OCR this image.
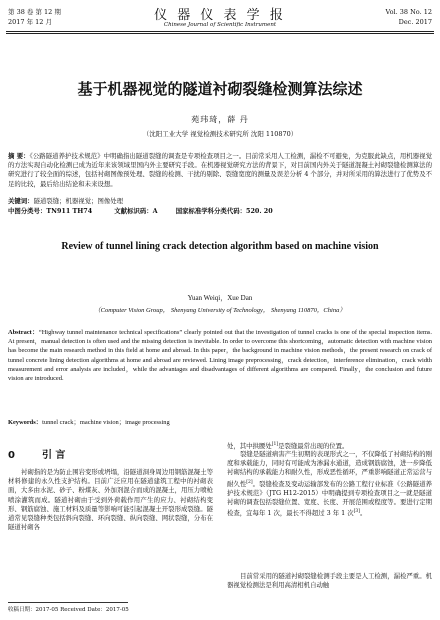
第 38 卷 第 12 期
2017 年 12 月	仪 器 仪 表 学 报
Chinese Journal of Scientific Instrument
Vol. 38 No. 12
Dec. 2017
基于机器视觉的隧道衬砌裂缝检测算法综述
苑玮琦，薛 丹
（沈阳工业大学 视觉检测技术研究所 沈阳 110870）
摘 要：《公路隧道养护技术规范》中明确指出隧道裂缝的调查是专项检查项目之一。目前常采用人工检测，漏检不可避免，为克服此缺点，用机器视觉的方法实现自动化检测已成为近年来该领域里国内外主要研究手段。在机器视觉研究方法的背景下，对目前国内外关于隧道混凝土衬砌裂缝检测算法的研究进行了较全面的综述，包括衬砌图像预处理、裂缝的检测、干扰的剔除、裂缝宽度的测量及误差分析 4 个部分，并对所采用的算法进行了优势及不足的比较，最后给出结论和未来设想。
关键词：隧道裂缝；机器视觉；图像处理
中图分类号：TN911 TH74	文献标识码：A	国家标准学科分类代码：520. 20
Review of tunnel lining crack detection algorithm based on machine vision
Yuan Weiqi，Xue Dan
（Computer Vision Group， Shenyang University of Technology， Shenyang 110870，China）
Abstract：“Highway tunnel maintenance technical specifications” clearly pointed out that the investigation of tunnel cracks is one of the special inspection items. At present，manual detection is often used and the missing detection is inevitable. In order to overcome this shortcoming，automatic detection with machine vision has become the main research method in this field at home and abroad. In this paper，the background in machine vision methods，the present research on crack of tunnel concrete lining detection algorithms at home and abroad are reviewed. Lining image preprocessing，crack detection，interference elimination，crack width measurement and error analysis are included，while the advantages and disadvantages of different algorithms are compared. Finally，the conclusion and future vision are introduced.
Keywords：tunnel crack；machine vision；image processing
0	引 言
衬砌指的是为防止围岩变形或坍塌，沿隧道洞身周边用钢筋混凝土等材料修建的永久性支护结构。目前广泛应用在隧道建筑工程中的衬砌表面，大多由水泥、砂子、粉煤灰、外加剂混合而成的混凝土，用压力喷枪喷涂灌筑而成。隧道衬砌由于受到外荷载作用产生的应力、衬砌结构变形、钢筋腐蚀、施工材料及质量等影响可能引起混凝土开裂形成裂缝。隧道常见裂缝种类包括斜向裂缝、环向裂缝、纵向裂缝、网状裂缝，分布在隧道衬砌各
处，其中拱腰处[1]是裂缝最常出现的位置。
裂缝是隧道病害产生初期的表现形式之一，不仅降低了衬砌结构的刚度和承载能力，同时有可能成为渗漏水通道，造成钢筋腐蚀，进一步降低衬砌结构的承载能力和耐久性，形成恶性循环，严重影响隧道正常运营与耐久性[2]。裂缝检查及变动运输部发布的公路工程行业标准《公路隧道养护技术规范》（JTG H12-2015）中明确提到专项检查项目之一就是隧道衬砌的调查包括裂缝位置、宽度、长度、开展范围或程度等。要进行定期检查，宜每年 1 次，最长不得超过 3 年 1 次[3]。
目前常采用的隧道衬砌裂缝检测手段主要是人工检测，漏检严重。机器视觉检测法是利用高清相机自动触
收稿日期：2017-05 Received Date：2017-05
